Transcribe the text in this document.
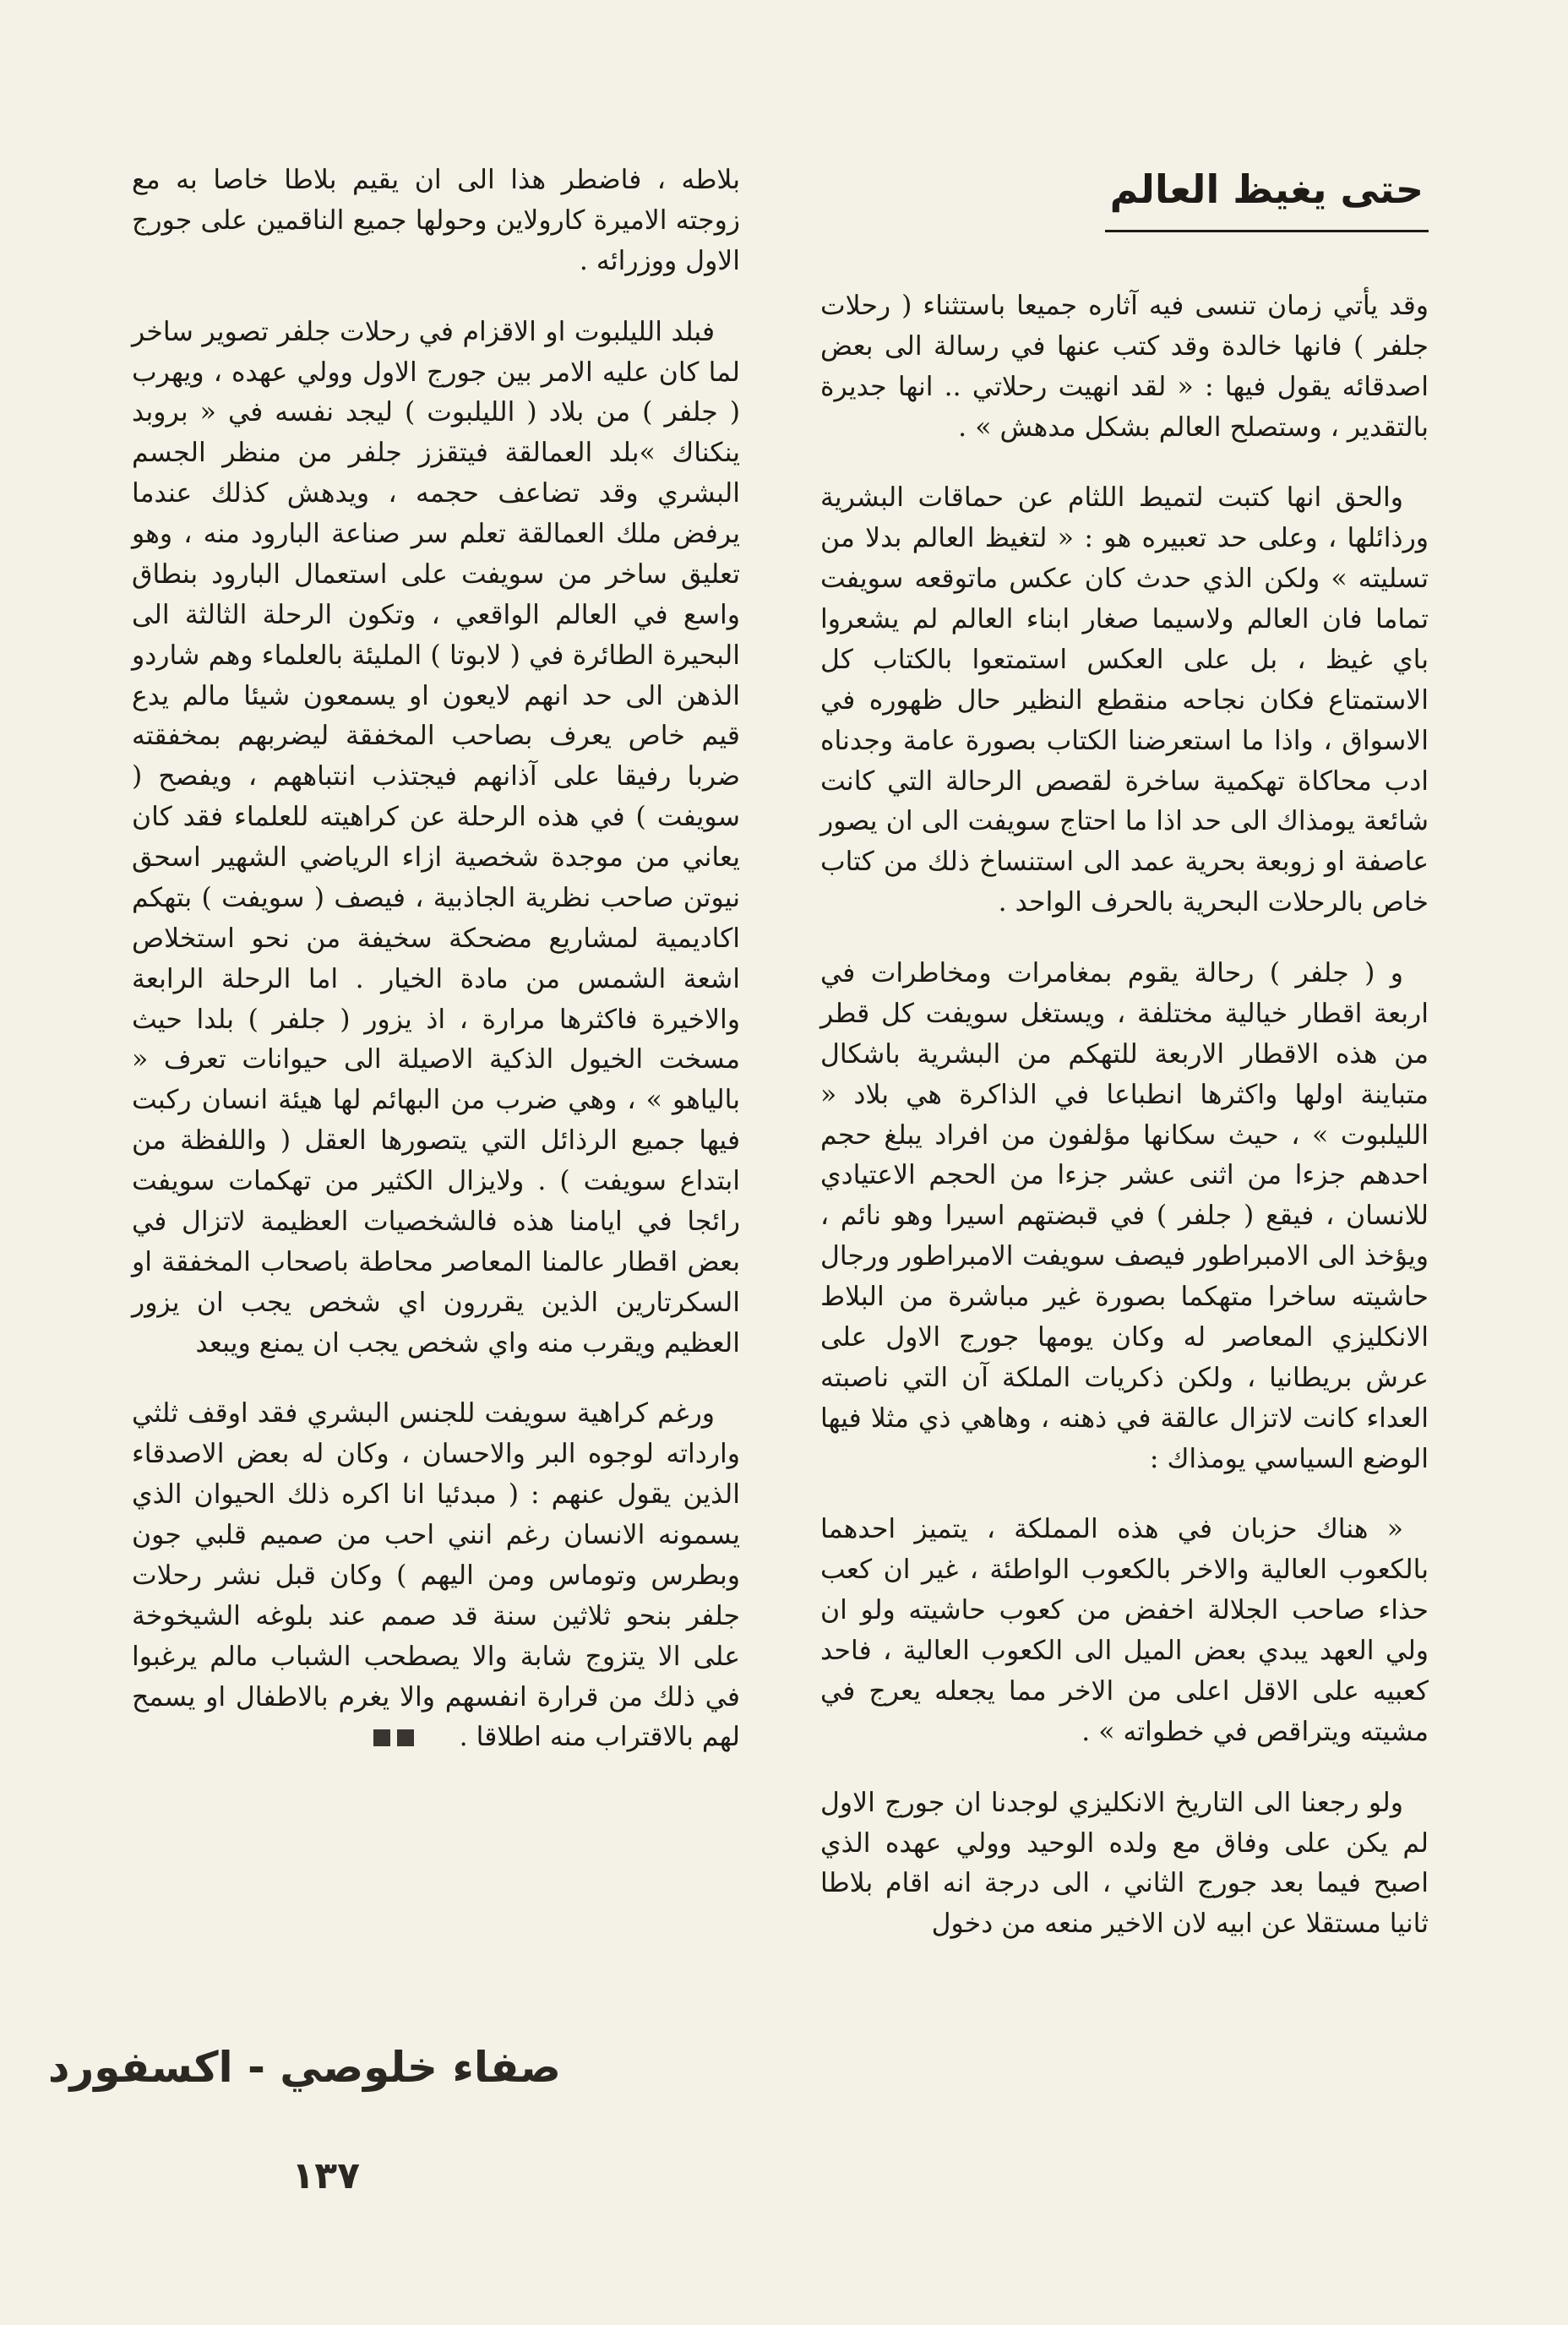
حتى يغيظ العالم

وقد يأتي زمان تنسى فيه آثاره جميعا باستثناء ( رحلات جلفر ) فانها خالدة وقد كتب عنها في رسالة الى بعض اصدقائه يقول فيها : « لقد انهيت رحلاتي .. انها جديرة بالتقدير ، وستصلح العالم بشكل مدهش » .

والحق انها كتبت لتميط اللثام عن حماقات البشرية ورذائلها ، وعلى حد تعبيره هو : « لتغيظ العالم بدلا من تسليته » ولكن الذي حدث كان عكس ماتوقعه سويفت تماما فان العالم ولاسيما صغار ابناء العالم لم يشعروا باي غيظ ، بل على العكس استمتعوا بالكتاب كل الاستمتاع فكان نجاحه منقطع النظير حال ظهوره في الاسواق ، واذا ما استعرضنا الكتاب بصورة عامة وجدناه ادب محاكاة تهكمية ساخرة لقصص الرحالة التي كانت شائعة يومذاك الى حد اذا ما احتاج سويفت الى ان يصور عاصفة او زوبعة بحرية عمد الى استنساخ ذلك من كتاب خاص بالرحلات البحرية بالحرف الواحد .

و ( جلفر ) رحالة يقوم بمغامرات ومخاطرات في اربعة اقطار خيالية مختلفة ، ويستغل سويفت كل قطر من هذه الاقطار الاربعة للتهكم من البشرية باشكال متباينة اولها واكثرها انطباعا في الذاكرة هي بلاد « الليلبوت » ، حيث سكانها مؤلفون من افراد يبلغ حجم احدهم جزءا من اثنى عشر جزءا من الحجم الاعتيادي للانسان ، فيقع ( جلفر ) في قبضتهم اسيرا وهو نائم ، ويؤخذ الى الامبراطور فيصف سويفت الامبراطور ورجال حاشيته ساخرا متهكما بصورة غير مباشرة من البلاط الانكليزي المعاصر له وكان يومها جورج الاول على عرش بريطانيا ، ولكن ذكريات الملكة آن التي ناصبته العداء كانت لاتزال عالقة في ذهنه ، وهاهي ذي مثلا فيها الوضع السياسي يومذاك :

« هناك حزبان في هذه المملكة ، يتميز احدهما بالكعوب العالية والاخر بالكعوب الواطئة ، غير ان كعب حذاء صاحب الجلالة اخفض من كعوب حاشيته ولو ان ولي العهد يبدي بعض الميل الى الكعوب العالية ، فاحد كعبيه على الاقل اعلى من الاخر مما يجعله يعرج في مشيته ويتراقص في خطواته » .

ولو رجعنا الى التاريخ الانكليزي لوجدنا ان جورج الاول لم يكن على وفاق مع ولده الوحيد وولي عهده الذي اصبح فيما بعد جورج الثاني ، الى درجة انه اقام بلاطا ثانيا مستقلا عن ابيه لان الاخير منعه من دخول

بلاطه ، فاضطر هذا الى ان يقيم بلاطا خاصا به مع زوجته الاميرة كارولاين وحولها جميع الناقمين على جورج الاول ووزرائه .

فبلد الليلبوت او الاقزام في رحلات جلفر تصوير ساخر لما كان عليه الامر بين جورج الاول وولي عهده ، ويهرب ( جلفر ) من بلاد ( الليلبوت ) ليجد نفسه في « بروبد ينكناك »بلد العمالقة فيتقزز جلفر من منظر الجسم البشري وقد تضاعف حجمه ، ويدهش كذلك عندما يرفض ملك العمالقة تعلم سر صناعة البارود منه ، وهو تعليق ساخر من سويفت على استعمال البارود بنطاق واسع في العالم الواقعي ، وتكون الرحلة الثالثة الى البحيرة الطائرة في ( لابوتا ) المليئة بالعلماء وهم شاردو الذهن الى حد انهم لايعون او يسمعون شيئا مالم يدع قيم خاص يعرف بصاحب المخفقة ليضربهم بمخفقته ضربا رفيقا على آذانهم فيجتذب انتباههم ، ويفصح ( سويفت ) في هذه الرحلة عن كراهيته للعلماء فقد كان يعاني من موجدة شخصية ازاء الرياضي الشهير اسحق نيوتن صاحب نظرية الجاذبية ، فيصف ( سويفت ) بتهكم اكاديمية لمشاريع مضحكة سخيفة من نحو استخلاص اشعة الشمس من مادة الخيار . اما الرحلة الرابعة والاخيرة فاكثرها مرارة ، اذ يزور ( جلفر ) بلدا حيث مسخت الخيول الذكية الاصيلة الى حيوانات تعرف « بالياهو » ، وهي ضرب من البهائم لها هيئة انسان ركبت فيها جميع الرذائل التي يتصورها العقل ( واللفظة من ابتداع سويفت ) . ولايزال الكثير من تهكمات سويفت رائجا في ايامنا هذه فالشخصيات العظيمة لاتزال في بعض اقطار عالمنا المعاصر محاطة باصحاب المخفقة او السكرتارين الذين يقررون اي شخص يجب ان يزور العظيم ويقرب منه واي شخص يجب ان يمنع ويبعد

ورغم كراهية سويفت للجنس البشري فقد اوقف ثلثي وارداته لوجوه البر والاحسان ، وكان له بعض الاصدقاء الذين يقول عنهم : ( مبدئيا انا اكره ذلك الحيوان الذي يسمونه الانسان رغم انني احب من صميم قلبي جون وبطرس وتوماس ومن اليهم ) وكان قبل نشر رحلات جلفر بنحو ثلاثين سنة قد صمم عند بلوغه الشيخوخة على الا يتزوج شابة والا يصطحب الشباب مالم يرغبوا في ذلك من قرارة انفسهم والا يغرم بالاطفال او يسمح لهم بالاقتراب منه اطلاقا .

صفاء خلوصي - اكسفورد
١٣٧
